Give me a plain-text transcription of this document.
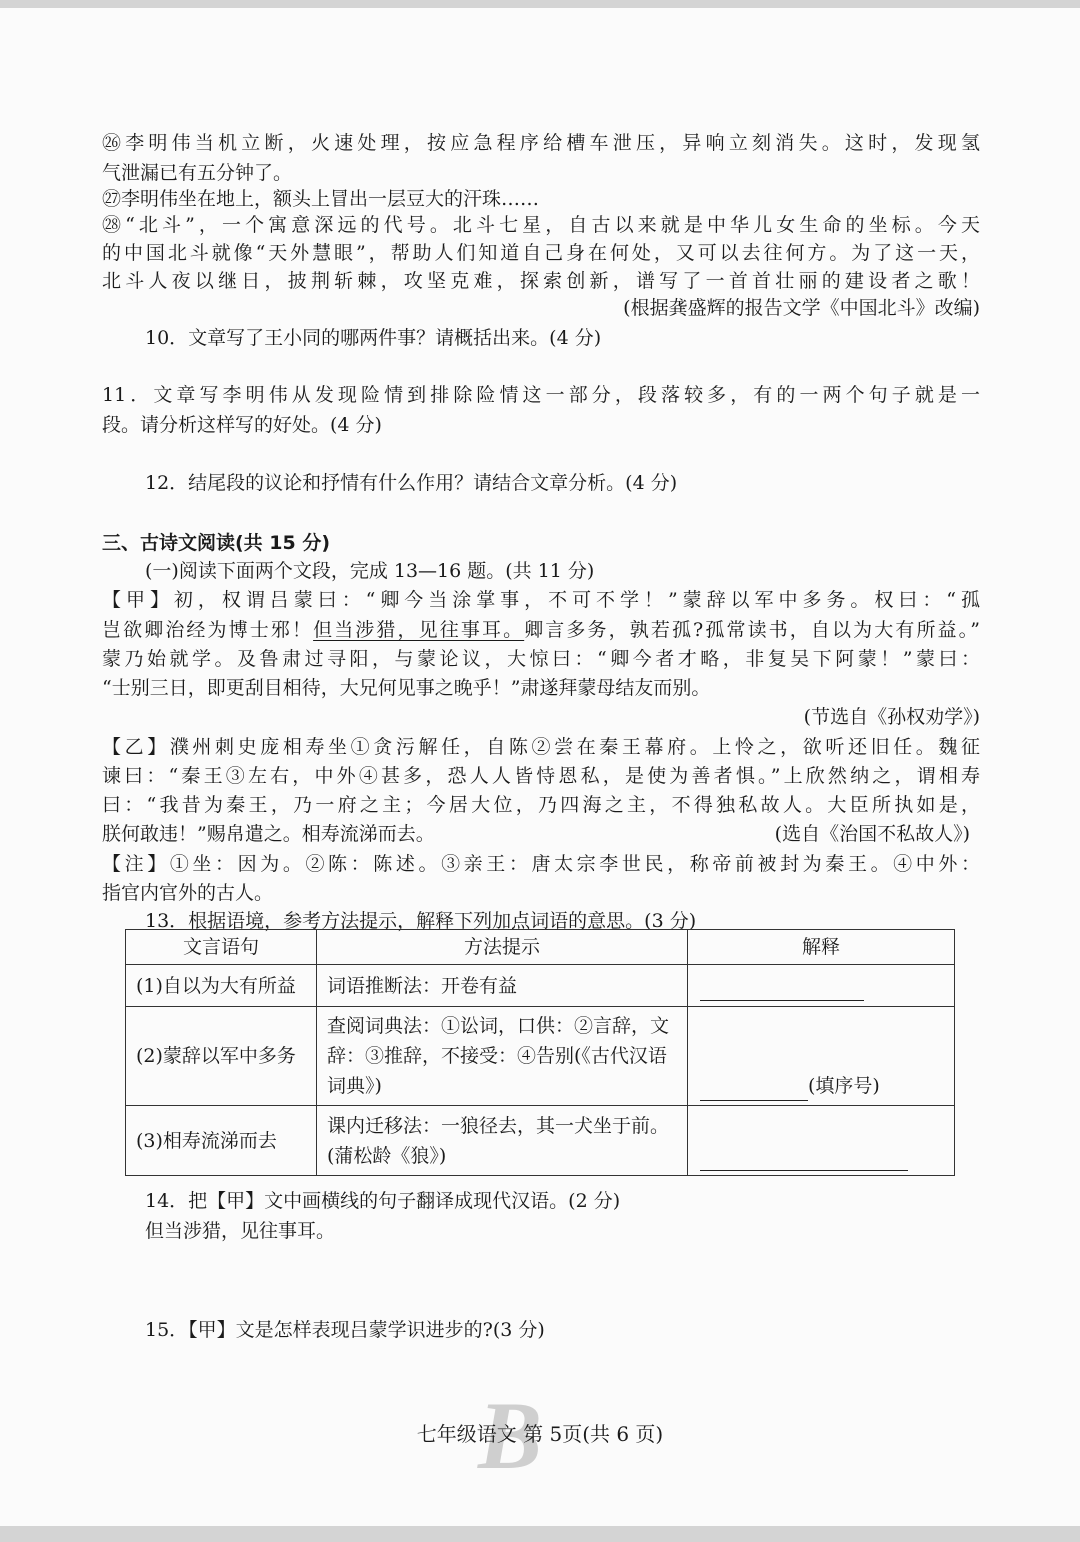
㉖李明伟当机立断，火速处理，按应急程序给槽车泄压，异响立刻消失。这时，发现氢
气泄漏已有五分钟了。
㉗李明伟坐在地上，额头上冒出一层豆大的汗珠……
㉘“北斗”，一个寓意深远的代号。北斗七星，自古以来就是中华儿女生命的坐标。今天
的中国北斗就像“天外慧眼”，帮助人们知道自己身在何处，又可以去往何方。为了这一天，
北斗人夜以继日，披荆斩棘，攻坚克难，探索创新，谱写了一首首壮丽的建设者之歌！
(根据龚盛辉的报告文学《中国北斗》改编)
10．文章写了王小同的哪两件事？请概括出来。(4 分)
11．文章写李明伟从发现险情到排除险情这一部分，段落较多，有的一两个句子就是一
段。请分析这样写的好处。(4 分)
12．结尾段的议论和抒情有什么作用？请结合文章分析。(4 分)
三、古诗文阅读(共 15 分)
(一)阅读下面两个文段，完成 13—16 题。(共 11 分)
【甲】初，权谓吕蒙曰：“卿今当涂掌事，不可不学！”蒙辞以军中多务。权曰：“孤
岂欲卿治经为博士邪！但当涉猎，见往事耳。卿言多务，孰若孤?孤常读书，自以为大有所益。”
蒙乃始就学。及鲁肃过寻阳，与蒙论议，大惊曰：“卿今者才略，非复吴下阿蒙！”蒙曰：
“士别三日，即更刮目相待，大兄何见事之晚乎！”肃遂拜蒙母结友而别。
(节选自《孙权劝学》)
【乙】濮州刺史庞相寿坐①贪污解任，自陈②尝在秦王幕府。上怜之，欲听还旧任。魏征
谏曰：“秦王③左右，中外④甚多，恐人人皆恃恩私，是使为善者惧。”上欣然纳之，谓相寿
曰：“我昔为秦王，乃一府之主；今居大位，乃四海之主，不得独私故人。大臣所执如是，
朕何敢违！”赐帛遣之。相寿流涕而去。	(选自《治国不私故人》)
【注】①坐：因为。②陈：陈述。③亲王：唐太宗李世民，称帝前被封为秦王。④中外：
指官内官外的古人。
13．根据语境，参考方法提示，解释下列加点词语的意思。(3 分)
文言语句	方法提示	解释
(1)自以为大有所益	词语推断法：开卷有益	
(2)蒙辞以军中多务	查阅词典法：①讼词，口供：②言辞，文辞：③推辞，不接受：④告别(《古代汉语词典》)	(填序号)
(3)相寿流涕而去	课内迁移法：一狼径去，其一犬坐于前。(蒲松龄《狼》)	
14．把【甲】文中画横线的句子翻译成现代汉语。(2 分)
但当涉猎，见往事耳。
15．【甲】文是怎样表现吕蒙学识进步的?(3 分)
B
七年级语文 第 5页(共 6 页)
